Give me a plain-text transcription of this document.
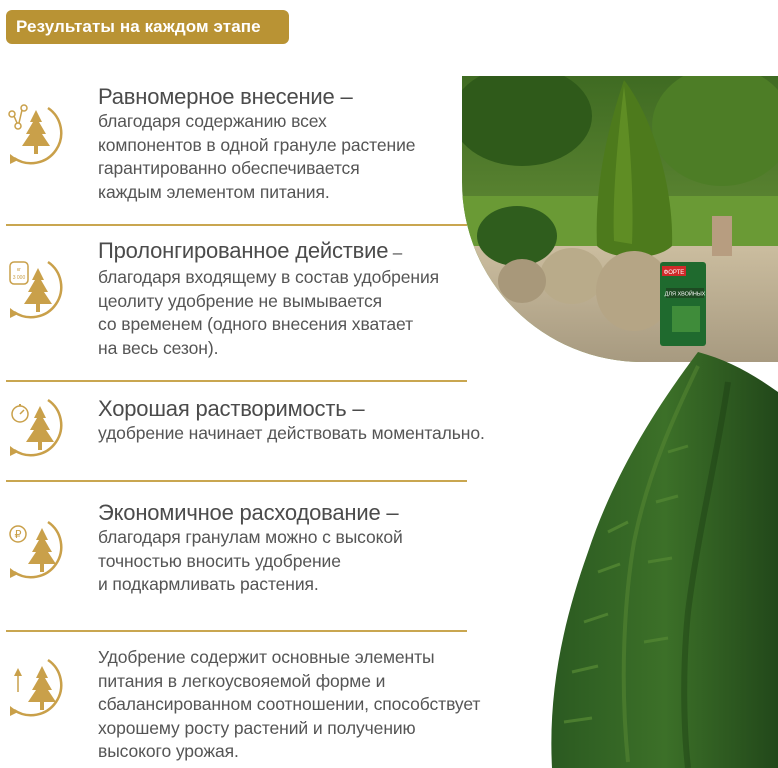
Результаты на каждом этапе
Равномерное внесение –
благодаря содержанию всех
компонентов в одной грануле растение
гарантированно обеспечивается
каждым элементом питания.
кг
3 000
Пролонгированное действие –
благодаря входящему в состав удобрения
цеолиту удобрение не вымывается
со временем (одного внесения хватает
на весь сезон).
Хорошая растворимость –
удобрение начинает действовать моментально.
₽
Экономичное расходование –
благодаря гранулам можно с высокой
точностью вносить удобрение
и подкармливать растения.
Удобрение содержит основные элементы
питания в легкоусвояемой форме и
сбалансированном соотношении, способствует
хорошему росту растений и получению
высокого урожая.
ФОРТЕ
ДЛЯ ХВОЙНЫХ
